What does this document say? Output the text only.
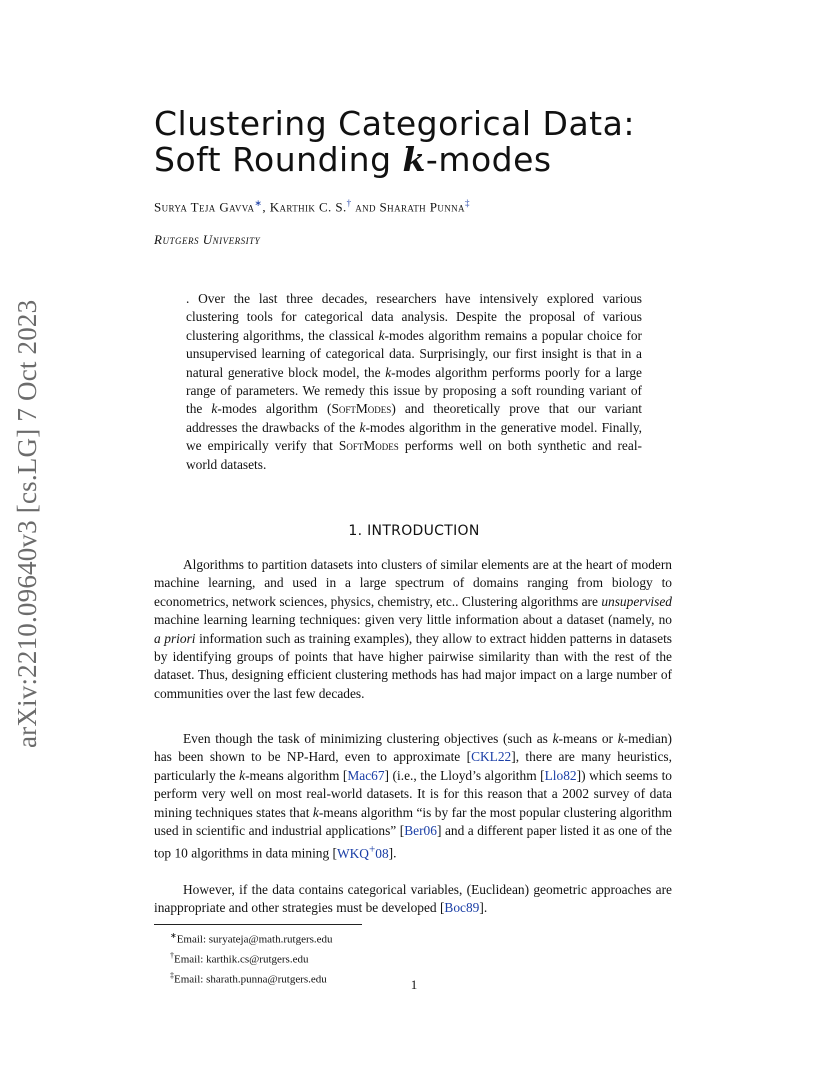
arXiv:2210.09640v3 [cs.LG] 7 Oct 2023
Clustering Categorical Data:
Soft Rounding k-modes
Surya Teja Gavva∗, Karthik C. S.† and Sharath Punna‡
Rutgers University
. Over the last three decades, researchers have intensively explored various clustering tools for categorical data analysis. Despite the proposal of various clustering algorithms, the classical k-modes algorithm remains a popular choice for unsupervised learning of categorical data. Surprisingly, our first insight is that in a natural generative block model, the k-modes algorithm performs poorly for a large range of parameters. We remedy this issue by proposing a soft rounding variant of the k-modes algorithm (SoftModes) and theoretically prove that our variant addresses the drawbacks of the k-modes algorithm in the generative model. Finally, we empirically verify that SoftModes performs well on both synthetic and real-world datasets.
1. INTRODUCTION
Algorithms to partition datasets into clusters of similar elements are at the heart of modern machine learning, and used in a large spectrum of domains ranging from biology to econometrics, network sciences, physics, chemistry, etc.. Clustering algorithms are unsupervised machine learning learning techniques: given very little information about a dataset (namely, no a priori information such as training examples), they allow to extract hidden patterns in datasets by identifying groups of points that have higher pairwise similarity than with the rest of the dataset. Thus, designing efficient clustering methods has had major impact on a large number of communities over the last few decades.
Even though the task of minimizing clustering objectives (such as k-means or k-median) has been shown to be NP-Hard, even to approximate [CKL22], there are many heuristics, particularly the k-means algorithm [Mac67] (i.e., the Lloyd’s algorithm [Llo82]) which seems to perform very well on most real-world datasets. It is for this reason that a 2002 survey of data mining techniques states that k-means algorithm “is by far the most popular clustering algorithm used in scientific and industrial applications” [Ber06] and a different paper listed it as one of the top 10 algorithms in data mining [WKQ+08].
However, if the data contains categorical variables, (Euclidean) geometric approaches are inappropriate and other strategies must be developed [Boc89].
∗Email: suryateja@math.rutgers.edu
†Email: karthik.cs@rutgers.edu
‡Email: sharath.punna@rutgers.edu	1
